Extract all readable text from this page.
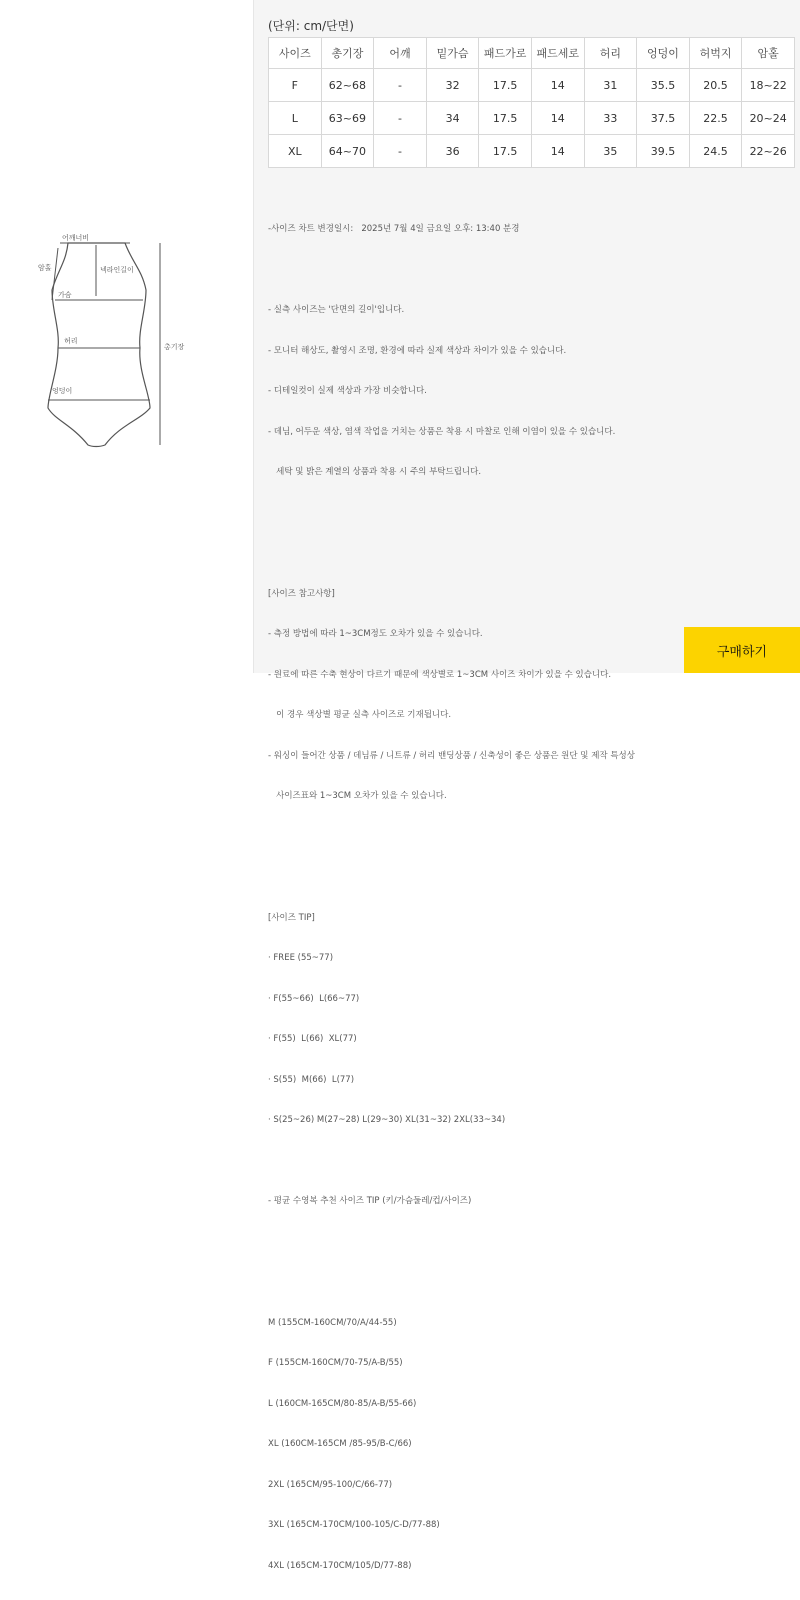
어깨너비
암홀	넥라인길이
가슴
허리
엉덩이
총기장
(단위: cm/단면)
사이즈	총기장	어깨	밑가슴	패드가로	패드세로	허리	엉덩이	허벅지	암홀
F	62~68	-	32	17.5	14	31	35.5	20.5	18~22
L	63~69	-	34	17.5	14	33	37.5	22.5	20~24
XL	64~70	-	36	17.5	14	35	39.5	24.5	22~26

-사이즈 차트 변경일시:   2025년 7월 4일 금요일 오후: 13:40 분경

- 실측 사이즈는 '단면의 길이'입니다.

- 모니터 해상도, 촬영시 조명, 환경에 따라 실제 색상과 차이가 있을 수 있습니다.

- 디테일컷이 실제 색상과 가장 비슷합니다.

- 데님, 어두운 색상, 염색 작업을 거치는 상품은 착용 시 마찰로 인해 이염이 있을 수 있습니다.

세탁 및 밝은 계열의 상품과 착용 시 주의 부탁드립니다.

[사이즈 참고사항]

- 측정 방법에 따라 1~3CM정도 오차가 있을 수 있습니다.

- 원료에 따른 수축 현상이 다르기 때문에 색상별로 1~3CM 사이즈 차이가 있을 수 있습니다.

이 경우 색상별 평균 실측 사이즈로 기재됩니다.

- 워싱이 들어간 상품 / 데님류 / 니트류 / 허리 밴딩상품 / 신축성이 좋은 상품은 원단 및 제작 특성상

사이즈표와 1~3CM 오차가 있을 수 있습니다.

[사이즈 TIP]

· FREE (55~77)

· F(55~66)  L(66~77)

· F(55)  L(66)  XL(77)

· S(55)  M(66)  L(77)

· S(25~26) M(27~28) L(29~30) XL(31~32) 2XL(33~34)

- 평균 수영복 추천 사이즈 TIP (키/가슴둘레/컵/사이즈)

M (155CM-160CM/70/A/44-55)

F (155CM-160CM/70-75/A-B/55)

L (160CM-165CM/80-85/A-B/55-66)

XL (160CM-165CM /85-95/B-C/66)

2XL (165CM/95-100/C/66-77)

3XL (165CM-170CM/100-105/C-D/77-88)

4XL (165CM-170CM/105/D/77-88)

구매하기
